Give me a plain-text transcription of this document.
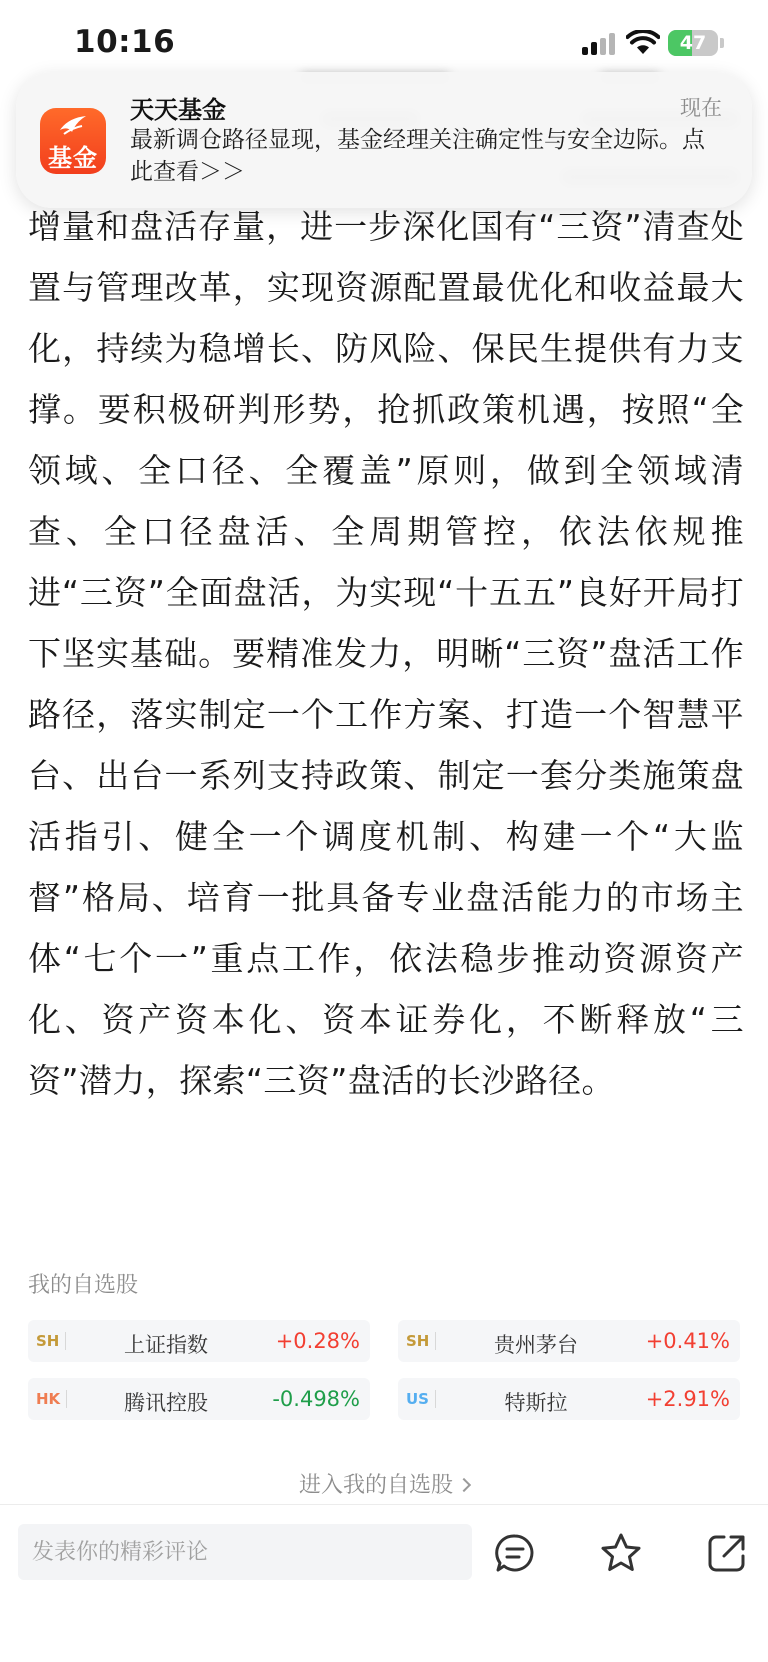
10:16	47
基金
天天基金	现在
最新调仓路径显现，基金经理关注确定性与安全边际。点此查看＞＞
增量和盘活存量，进一步深化国有“三资”清查处置与管理改革，实现资源配置最优化和收益最大化，持续为稳增长、防风险、保民生提供有力支撑。要积极研判形势，抢抓政策机遇，按照“全领域、全口径、全覆盖”原则，做到全领域清查、全口径盘活、全周期管控，依法依规推进“三资”全面盘活，为实现“十五五”良好开局打下坚实基础。要精准发力，明晰“三资”盘活工作路径，落实制定一个工作方案、打造一个智慧平台、出台一系列支持政策、制定一套分类施策盘活指引、健全一个调度机制、构建一个“大监督”格局、培育一批具备专业盘活能力的市场主体“七个一”重点工作，依法稳步推动资源资产化、资产资本化、资本证券化，不断释放“三资”潜力，探索“三资”盘活的长沙路径。
我的自选股
SH	上证指数	+0.28%	SH	贵州茅台	+0.41%
HK	腾讯控股	-0.498%	US	特斯拉	+2.91%
进入我的自选股
发表你的精彩评论
